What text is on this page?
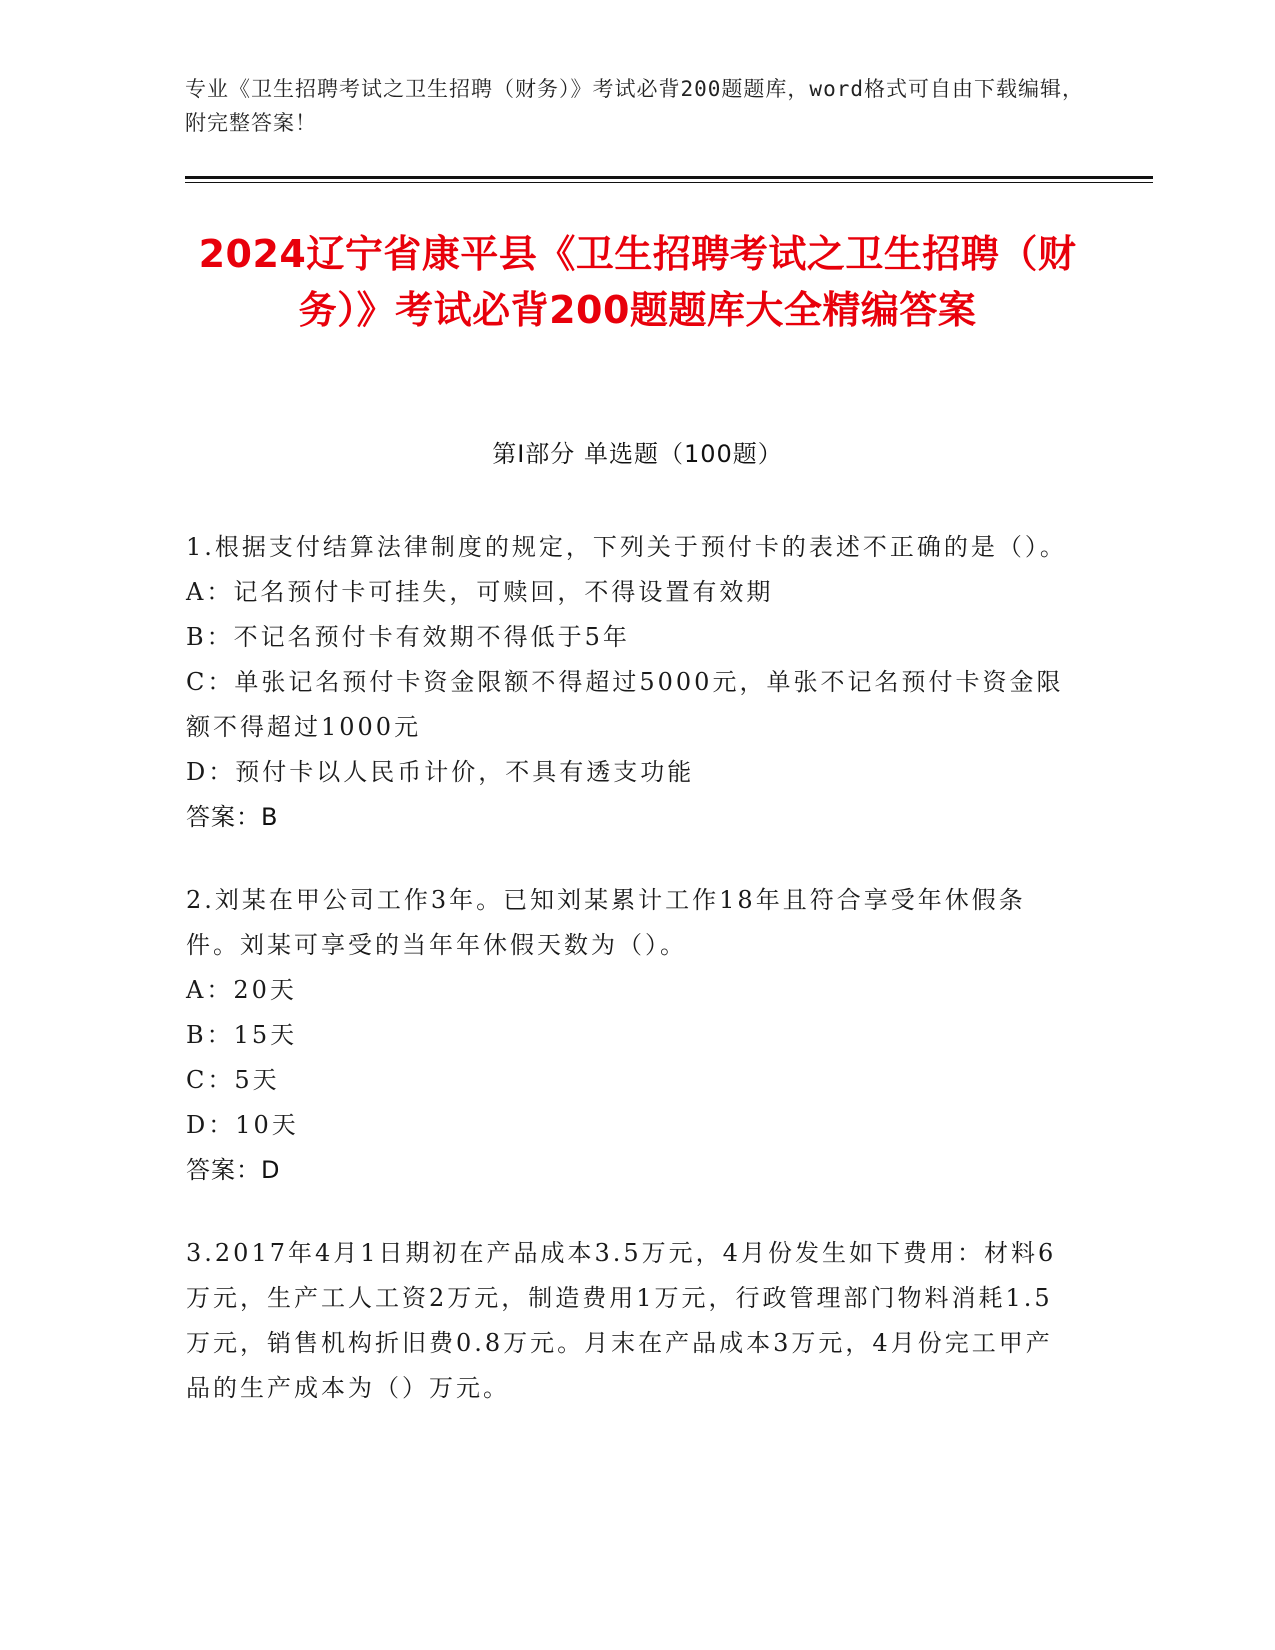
专业《卫生招聘考试之卫生招聘（财务）》考试必背200题题库，word格式可自由下载编辑，附完整答案！
2024辽宁省康平县《卫生招聘考试之卫生招聘（财务）》考试必背200题题库大全精编答案
第Ⅰ部分 单选题（100题）
1.根据支付结算法律制度的规定，下列关于预付卡的表述不正确的是（）。
A：记名预付卡可挂失，可赎回，不得设置有效期
B：不记名预付卡有效期不得低于5年
C：单张记名预付卡资金限额不得超过5000元，单张不记名预付卡资金限额不得超过1000元
D：预付卡以人民币计价，不具有透支功能
答案：B
2.刘某在甲公司工作3年。已知刘某累计工作18年且符合享受年休假条件。刘某可享受的当年年休假天数为（）。
A：20天
B：15天
C：5天
D：10天
答案：D
3.2017年4月1日期初在产品成本3.5万元，4月份发生如下费用：材料6万元，生产工人工资2万元，制造费用1万元，行政管理部门物料消耗1.5万元，销售机构折旧费0.8万元。月末在产品成本3万元，4月份完工甲产品的生产成本为（）万元。
